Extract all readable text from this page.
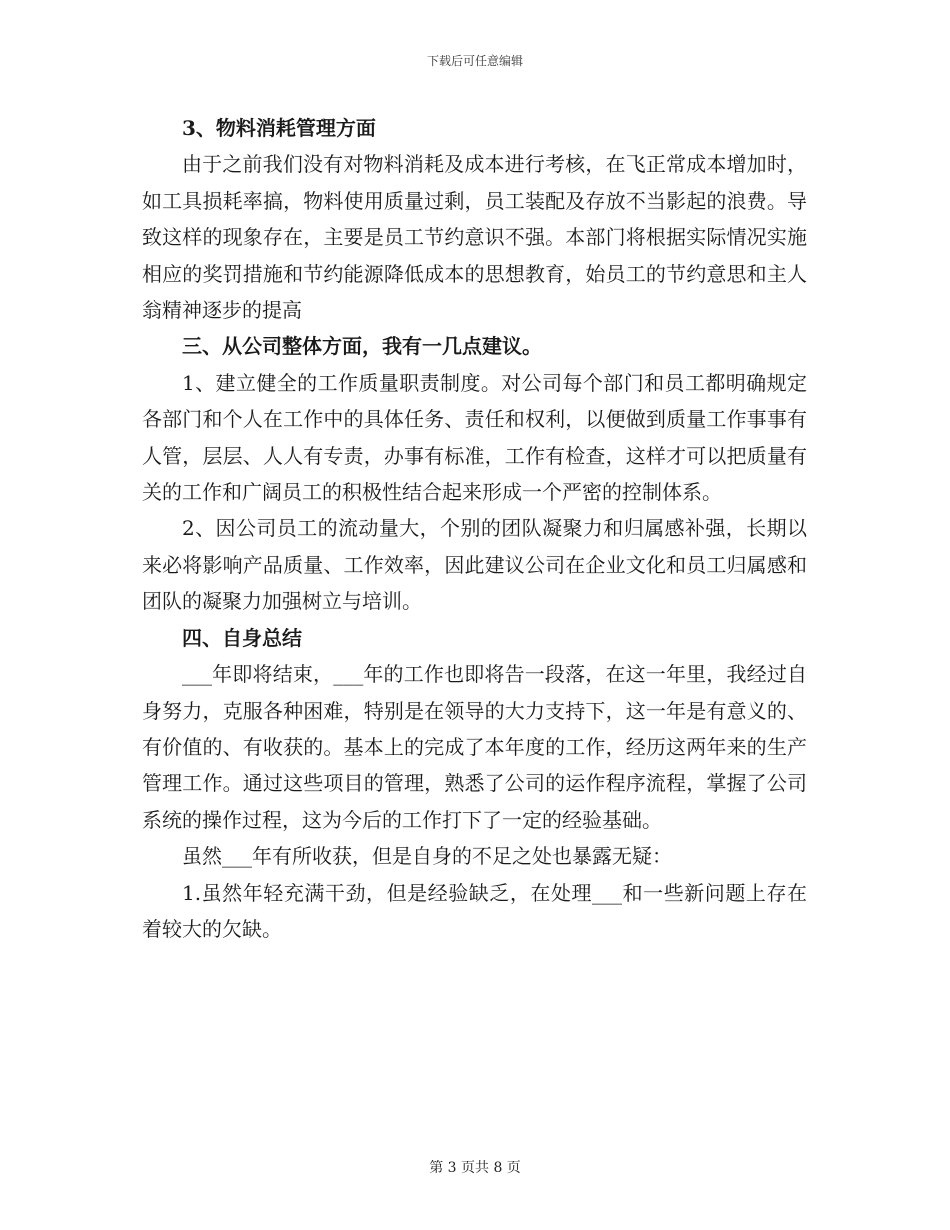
下载后可任意编辑

3、物料消耗管理方面

由于之前我们没有对物料消耗及成本进行考核，在飞正常成本增加时，如工具损耗率搞，物料使用质量过剩，员工装配及存放不当影起的浪费。导致这样的现象存在，主要是员工节约意识不强。本部门将根据实际情况实施相应的奖罚措施和节约能源降低成本的思想教育，始员工的节约意思和主人翁精神逐步的提高

三、从公司整体方面，我有一几点建议。

1、建立健全的工作质量职责制度。对公司每个部门和员工都明确规定各部门和个人在工作中的具体任务、责任和权利，以便做到质量工作事事有人管，层层、人人有专责，办事有标准，工作有检查，这样才可以把质量有关的工作和广阔员工的积极性结合起来形成一个严密的控制体系。

2、因公司员工的流动量大，个别的团队凝聚力和归属感补强，长期以来必将影响产品质量、工作效率，因此建议公司在企业文化和员工归属感和团队的凝聚力加强树立与培训。

四、自身总结

___年即将结束，___年的工作也即将告一段落，在这一年里，我经过自身努力，克服各种困难，特别是在领导的大力支持下，这一年是有意义的、有价值的、有收获的。基本上的完成了本年度的工作，经历这两年来的生产管理工作。通过这些项目的管理，熟悉了公司的运作程序流程，掌握了公司系统的操作过程，这为今后的工作打下了一定的经验基础。

虽然___年有所收获，但是自身的不足之处也暴露无疑：

1.虽然年轻充满干劲，但是经验缺乏，在处理___和一些新问题上存在着较大的欠缺。

第 3 页共 8 页
